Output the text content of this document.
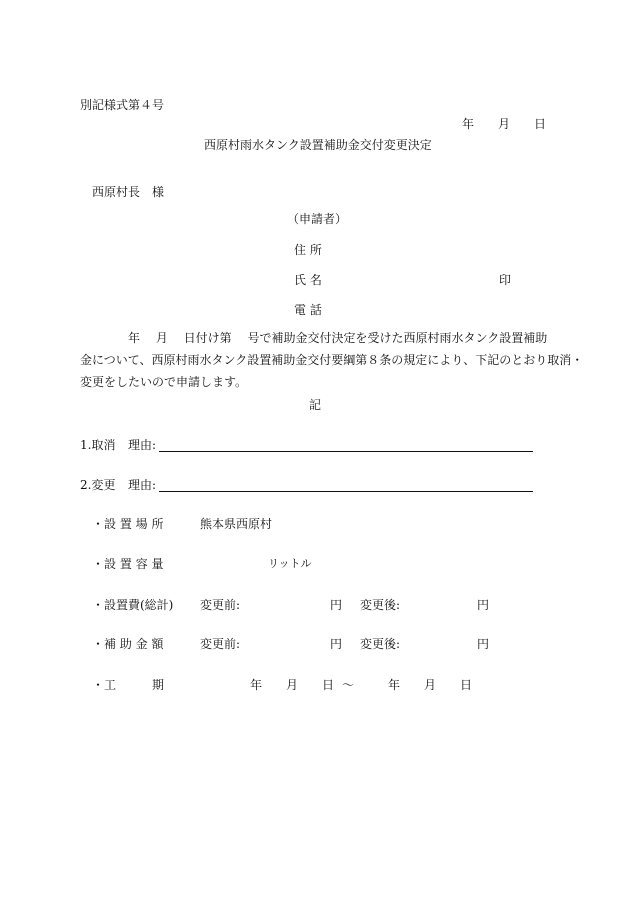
別記様式第４号
年　　月　　日
西原村雨水タンク設置補助金交付変更決定
西原村長　様
（申請者）
住 所
氏 名	印
電 話
　　　　年　 月　 日付け第　 号で補助金交付決定を受けた西原村雨水タンク設置補助
金について、西原村雨水タンク設置補助金交付要綱第８条の規定により、下記のとおり取消・
変更をしたいので申請します。
記
1.取消 理由:
2.変更 理由:
・設 置 場 所	熊本県西原村
・設 置 容 量	リットル
・設置費(総計) 変更前:	円 変更後:	円
・補 助 金 額	変更前:	円 変更後:	円
・工　　　期	年　　月　　日 ～	年　　月　　日
